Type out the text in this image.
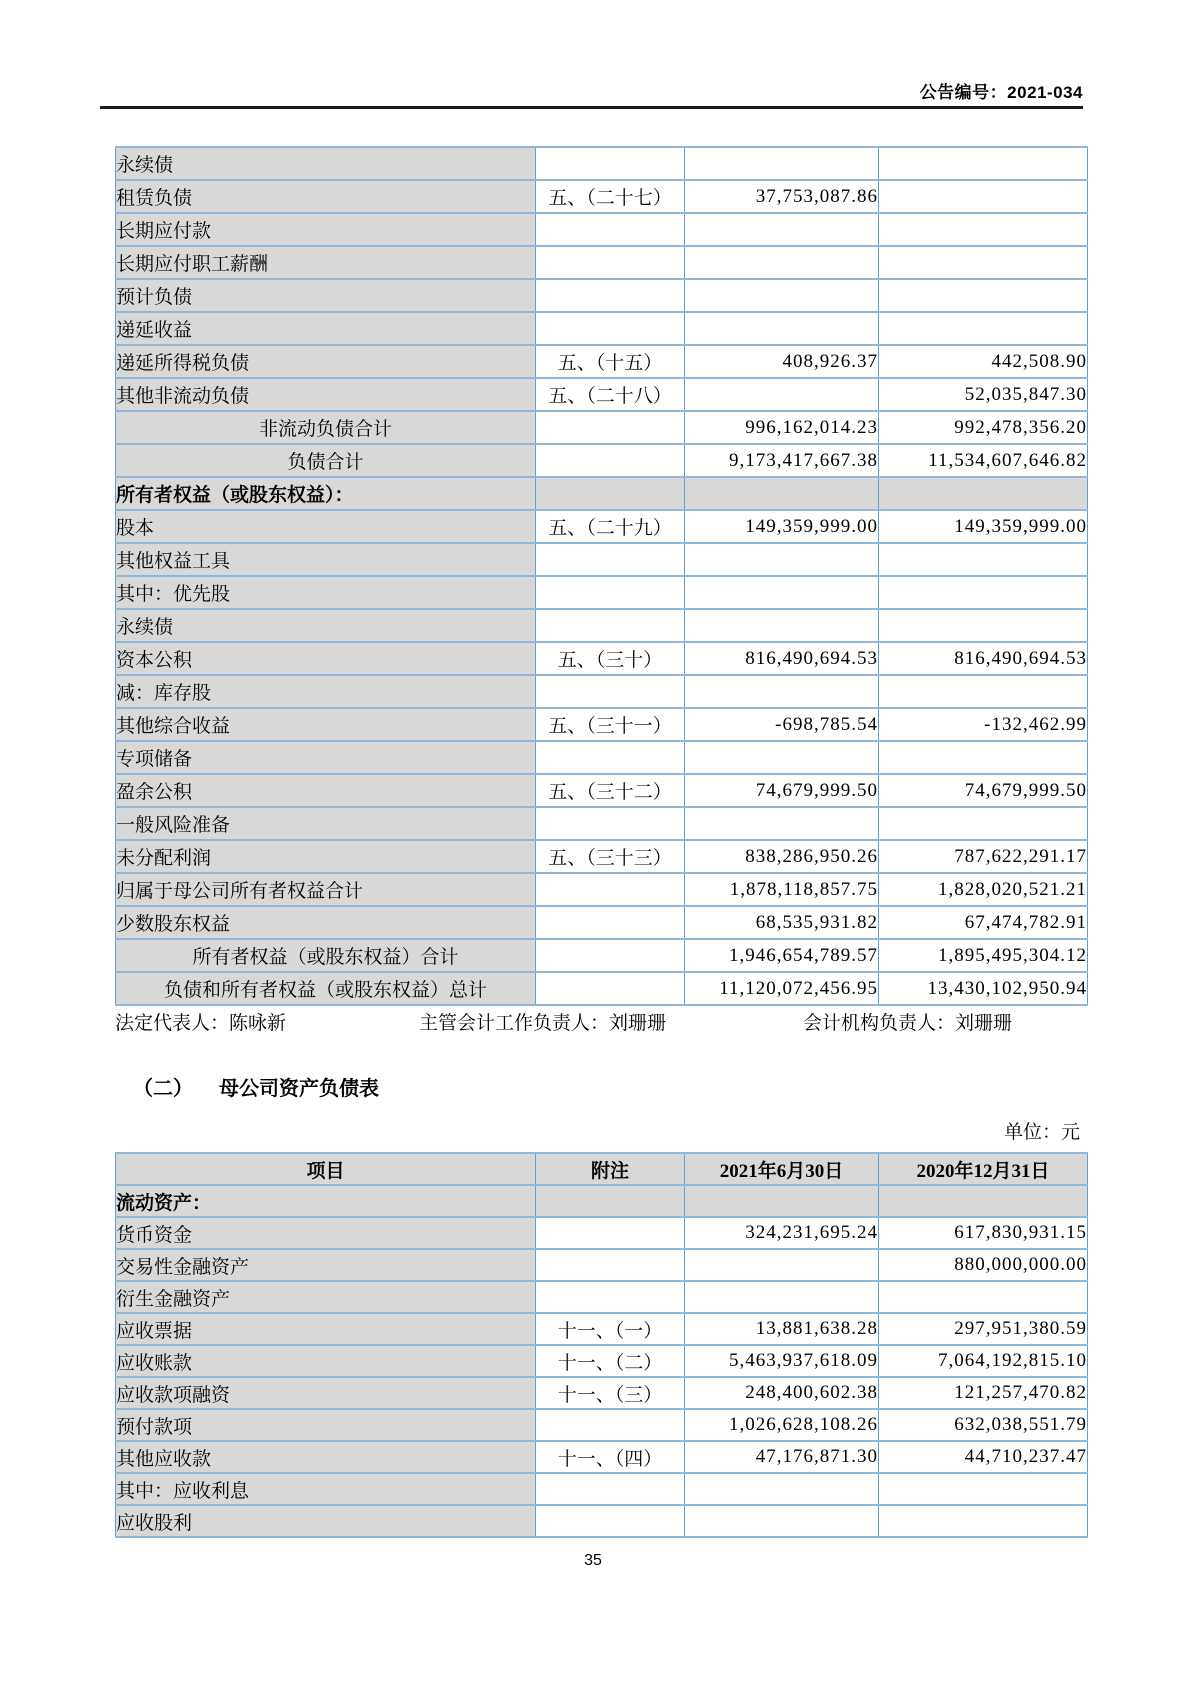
公告编号：2021-034
永续债			
租赁负债	五、（二十七）	37,753,087.86	
长期应付款			
长期应付职工薪酬			
预计负债			
递延收益			
递延所得税负债	五、（十五）	408,926.37	442,508.90
其他非流动负债	五、（二十八）		52,035,847.30
非流动负债合计		996,162,014.23	992,478,356.20
负债合计		9,173,417,667.38	11,534,607,646.82
所有者权益（或股东权益）：			
股本	五、（二十九）	149,359,999.00	149,359,999.00
其他权益工具			
其中：优先股			
永续债			
资本公积	五、（三十）	816,490,694.53	816,490,694.53
减：库存股			
其他综合收益	五、（三十一）	-698,785.54	-132,462.99
专项储备			
盈余公积	五、（三十二）	74,679,999.50	74,679,999.50
一般风险准备			
未分配利润	五、（三十三）	838,286,950.26	787,622,291.17
归属于母公司所有者权益合计		1,878,118,857.75	1,828,020,521.21
少数股东权益		68,535,931.82	67,474,782.91
所有者权益（或股东权益）合计		1,946,654,789.57	1,895,495,304.12
负债和所有者权益（或股东权益）总计		11,120,072,456.95	13,430,102,950.94
法定代表人：陈咏新	主管会计工作负责人：刘珊珊	会计机构负责人：刘珊珊
（二） 母公司资产负债表
单位：元
项目	附注	2021年6月30日	2020年12月31日
流动资产：			
货币资金		324,231,695.24	617,830,931.15
交易性金融资产			880,000,000.00
衍生金融资产			
应收票据	十一、（一）	13,881,638.28	297,951,380.59
应收账款	十一、（二）	5,463,937,618.09	7,064,192,815.10
应收款项融资	十一、（三）	248,400,602.38	121,257,470.82
预付款项		1,026,628,108.26	632,038,551.79
其他应收款	十一、（四）	47,176,871.30	44,710,237.47
其中：应收利息			
应收股利			
35
